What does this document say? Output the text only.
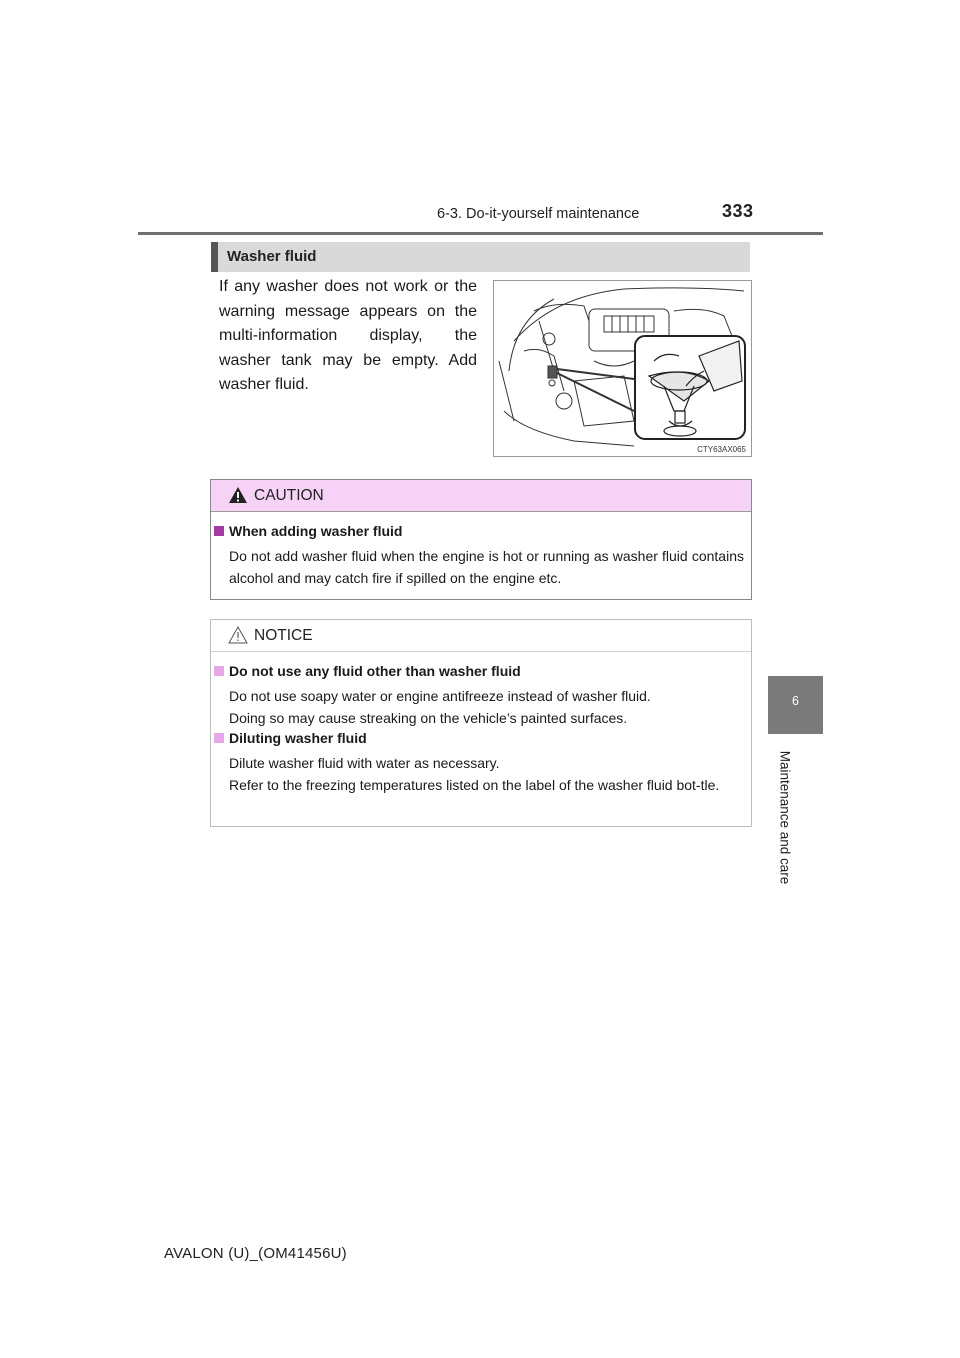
6-3. Do-it-yourself maintenance	333
6
Maintenance and care
Washer fluid
If any washer does not work or the warning message appears on the multi-information display, the washer tank may be empty. Add washer fluid.
CTY63AX065
CAUTION
When adding washer fluid
Do not add washer fluid when the engine is hot or running as washer fluid contains alcohol and may catch fire if spilled on the engine etc.
NOTICE
Do not use any fluid other than washer fluid
Do not use soapy water or engine antifreeze instead of washer fluid.
Doing so may cause streaking on the vehicle’s painted surfaces.
Diluting washer fluid
Dilute washer fluid with water as necessary.
Refer to the freezing temperatures listed on the label of the washer fluid bot-tle.
AVALON (U)_(OM41456U)
